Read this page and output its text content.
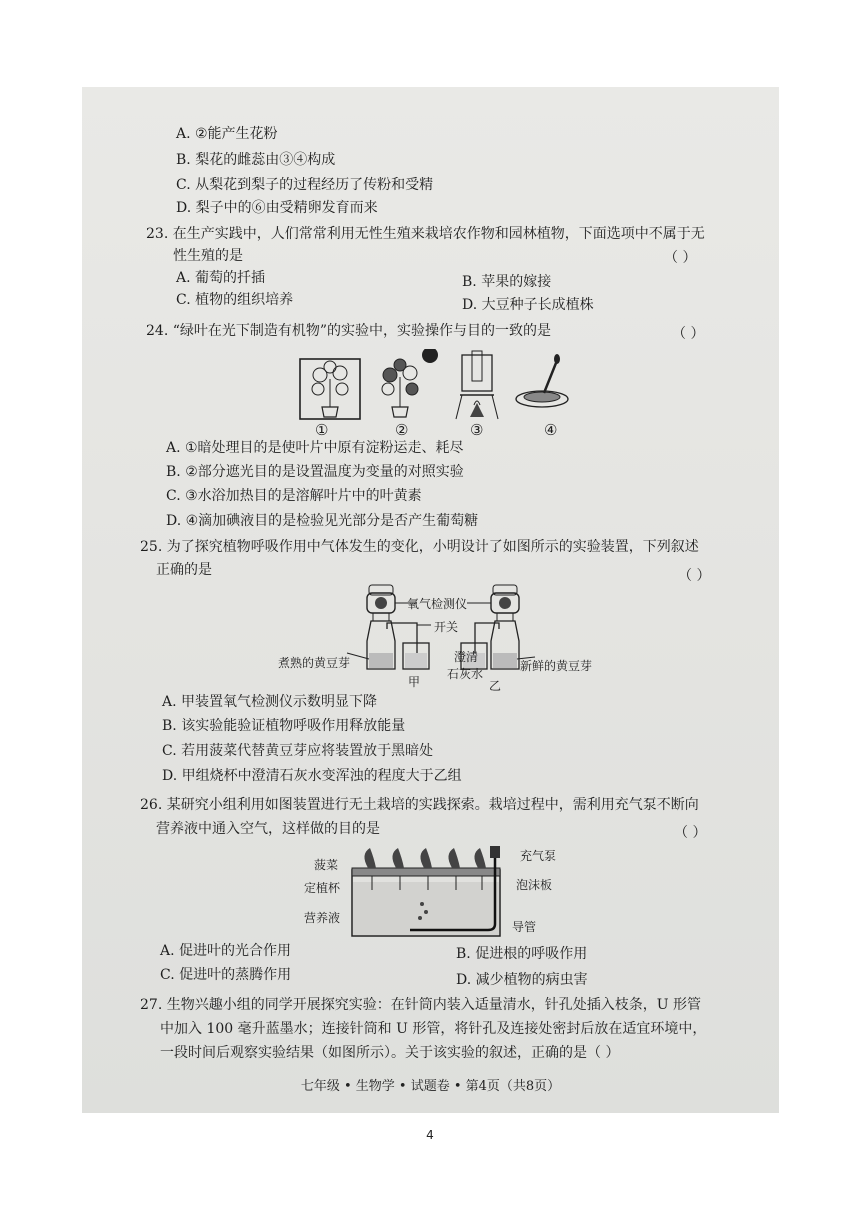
A. ②能产生花粉
B. 梨花的雌蕊由③④构成
C. 从梨花到梨子的过程经历了传粉和受精
D. 梨子中的⑥由受精卵发育而来
23. 在生产实践中，人们常常利用无性生殖来栽培农作物和园林植物，下面选项中不属于无
性生殖的是	（ ）
A. 葡萄的扦插	B. 苹果的嫁接
C. 植物的组织培养	D. 大豆种子长成植株
24. “绿叶在光下制造有机物”的实验中，实验操作与目的一致的是	（ ）
①	②	③	④
A. ①暗处理目的是使叶片中原有淀粉运走、耗尽
B. ②部分遮光目的是设置温度为变量的对照实验
C. ③水浴加热目的是溶解叶片中的叶黄素
D. ④滴加碘液目的是检验见光部分是否产生葡萄糖
25. 为了探究植物呼吸作用中气体发生的变化，小明设计了如图所示的实验装置，下列叙述
正确的是	（ ）
氧气检测仪
开关
煮熟的黄豆芽	澄清
石灰水
新鲜的黄豆芽
甲	乙
A. 甲装置氧气检测仪示数明显下降
B. 该实验能验证植物呼吸作用释放能量
C. 若用菠菜代替黄豆芽应将装置放于黑暗处
D. 甲组烧杯中澄清石灰水变浑浊的程度大于乙组
26. 某研究小组利用如图装置进行无土栽培的实践探索。栽培过程中，需利用充气泵不断向
营养液中通入空气，这样做的目的是	（ ）
菠菜
定植杯
营养液
充气泵
泡沫板
导管
A. 促进叶的光合作用	B. 促进根的呼吸作用
C. 促进叶的蒸腾作用	D. 减少植物的病虫害
27. 生物兴趣小组的同学开展探究实验：在针筒内装入适量清水，针孔处插入枝条，U 形管
中加入 100 毫升蓝墨水；连接针筒和 U 形管，将针孔及连接处密封后放在适宜环境中，
一段时间后观察实验结果（如图所示）。关于该实验的叙述，正确的是（ ）
七年级 • 生物学 • 试题卷 • 第4页（共8页）
4
